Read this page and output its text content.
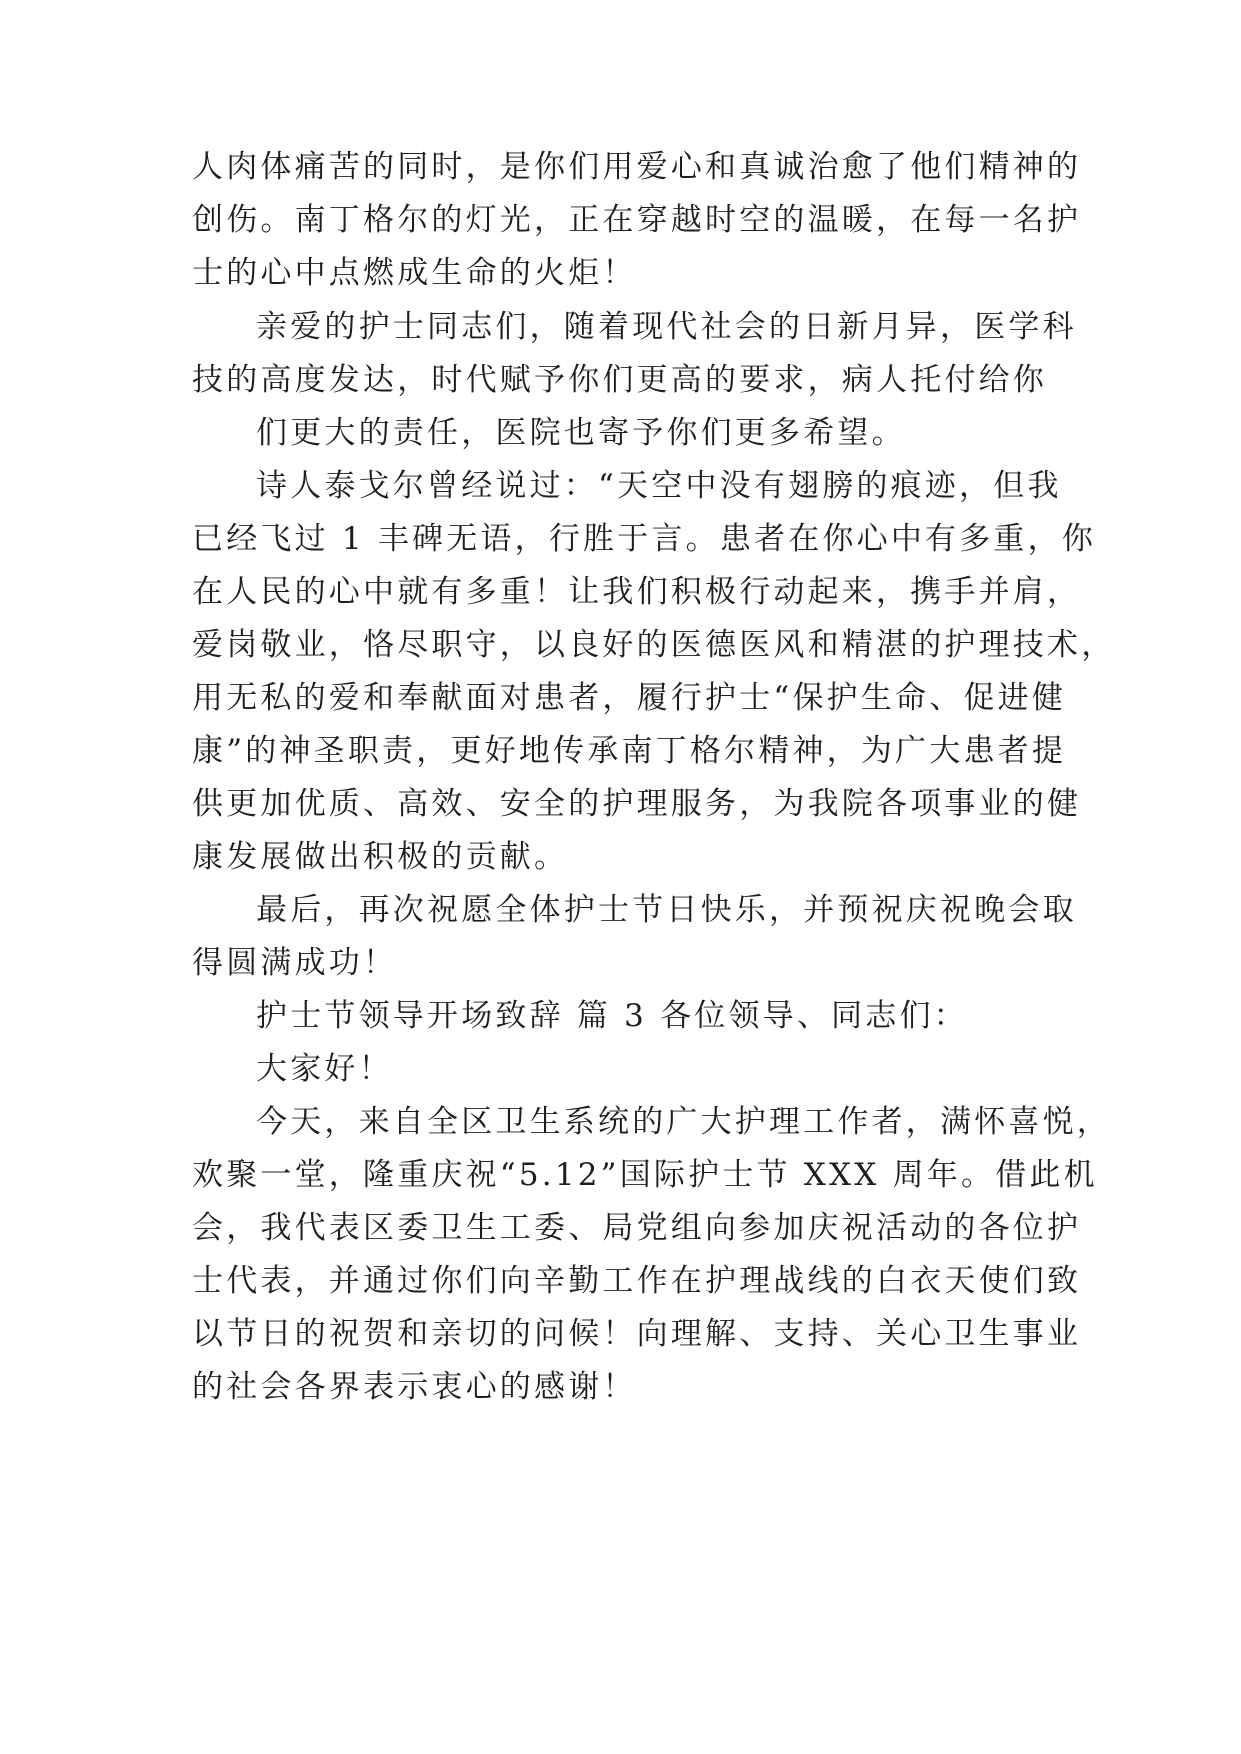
人肉体痛苦的同时，是你们用爱心和真诚治愈了他们精神的
创伤。南丁格尔的灯光，正在穿越时空的温暖，在每一名护
士的心中点燃成生命的火炬！
亲爱的护士同志们，随着现代社会的日新月异，医学科
技的高度发达，时代赋予你们更高的要求，病人托付给你
们更大的责任，医院也寄予你们更多希望。
诗人泰戈尔曾经说过：“天空中没有翅膀的痕迹，但我
已经飞过 1 丰碑无语，行胜于言。患者在你心中有多重，你
在人民的心中就有多重！让我们积极行动起来，携手并肩，
爱岗敬业，恪尽职守，以良好的医德医风和精湛的护理技术，
用无私的爱和奉献面对患者，履行护士“保护生命、促进健
康”的神圣职责，更好地传承南丁格尔精神，为广大患者提
供更加优质、高效、安全的护理服务，为我院各项事业的健
康发展做出积极的贡献。
最后，再次祝愿全体护士节日快乐，并预祝庆祝晚会取
得圆满成功！
护士节领导开场致辞 篇 3 各位领导、同志们：
大家好！
今天，来自全区卫生系统的广大护理工作者，满怀喜悦，
欢聚一堂，隆重庆祝“5.12”国际护士节 XXX 周年。借此机
会，我代表区委卫生工委、局党组向参加庆祝活动的各位护
士代表，并通过你们向辛勤工作在护理战线的白衣天使们致
以节日的祝贺和亲切的问候！向理解、支持、关心卫生事业
的社会各界表示衷心的感谢！
